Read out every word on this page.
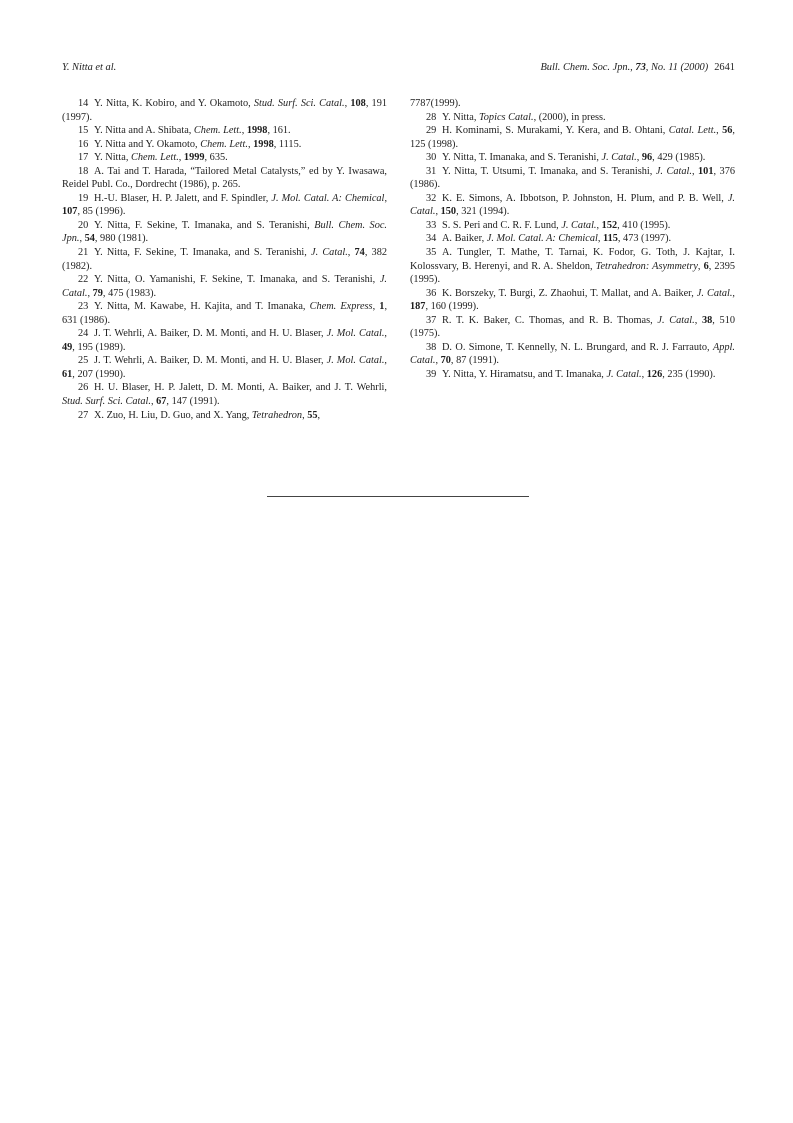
Y. Nitta et al.	Bull. Chem. Soc. Jpn., 73, No. 11 (2000) 2641

14 Y. Nitta, K. Kobiro, and Y. Okamoto, Stud. Surf. Sci. Catal., 108, 191 (1997).

15 Y. Nitta and A. Shibata, Chem. Lett., 1998, 161.

16 Y. Nitta and Y. Okamoto, Chem. Lett., 1998, 1115.

17 Y. Nitta, Chem. Lett., 1999, 635.

18 A. Tai and T. Harada, “Tailored Metal Catalysts,” ed by Y. Iwasawa, Reidel Publ. Co., Dordrecht (1986), p. 265.

19 H.-U. Blaser, H. P. Jalett, and F. Spindler, J. Mol. Catal. A: Chemical, 107, 85 (1996).

20 Y. Nitta, F. Sekine, T. Imanaka, and S. Teranishi, Bull. Chem. Soc. Jpn., 54, 980 (1981).

21 Y. Nitta, F. Sekine, T. Imanaka, and S. Teranishi, J. Catal., 74, 382 (1982).

22 Y. Nitta, O. Yamanishi, F. Sekine, T. Imanaka, and S. Teranishi, J. Catal., 79, 475 (1983).

23 Y. Nitta, M. Kawabe, H. Kajita, and T. Imanaka, Chem. Express, 1, 631 (1986).

24 J. T. Wehrli, A. Baiker, D. M. Monti, and H. U. Blaser, J. Mol. Catal., 49, 195 (1989).

25 J. T. Wehrli, A. Baiker, D. M. Monti, and H. U. Blaser, J. Mol. Catal., 61, 207 (1990).

26 H. U. Blaser, H. P. Jalett, D. M. Monti, A. Baiker, and J. T. Wehrli, Stud. Surf. Sci. Catal., 67, 147 (1991).

27 X. Zuo, H. Liu, D. Guo, and X. Yang, Tetrahedron, 55,

7787(1999).

28 Y. Nitta, Topics Catal., (2000), in press.

29 H. Kominami, S. Murakami, Y. Kera, and B. Ohtani, Catal. Lett., 56, 125 (1998).

30 Y. Nitta, T. Imanaka, and S. Teranishi, J. Catal., 96, 429 (1985).

31 Y. Nitta, T. Utsumi, T. Imanaka, and S. Teranishi, J. Catal., 101, 376 (1986).

32 K. E. Simons, A. Ibbotson, P. Johnston, H. Plum, and P. B. Well, J. Catal., 150, 321 (1994).

33 S. S. Peri and C. R. F. Lund, J. Catal., 152, 410 (1995).

34 A. Baiker, J. Mol. Catal. A: Chemical, 115, 473 (1997).

35 A. Tungler, T. Mathe, T. Tarnai, K. Fodor, G. Toth, J. Kajtar, I. Kolossvary, B. Herenyi, and R. A. Sheldon, Tetrahedron: Asymmetry, 6, 2395 (1995).

36 K. Borszeky, T. Burgi, Z. Zhaohui, T. Mallat, and A. Baiker, J. Catal., 187, 160 (1999).

37 R. T. K. Baker, C. Thomas, and R. B. Thomas, J. Catal., 38, 510 (1975).

38 D. O. Simone, T. Kennelly, N. L. Brungard, and R. J. Farrauto, Appl. Catal., 70, 87 (1991).

39 Y. Nitta, Y. Hiramatsu, and T. Imanaka, J. Catal., 126, 235 (1990).
